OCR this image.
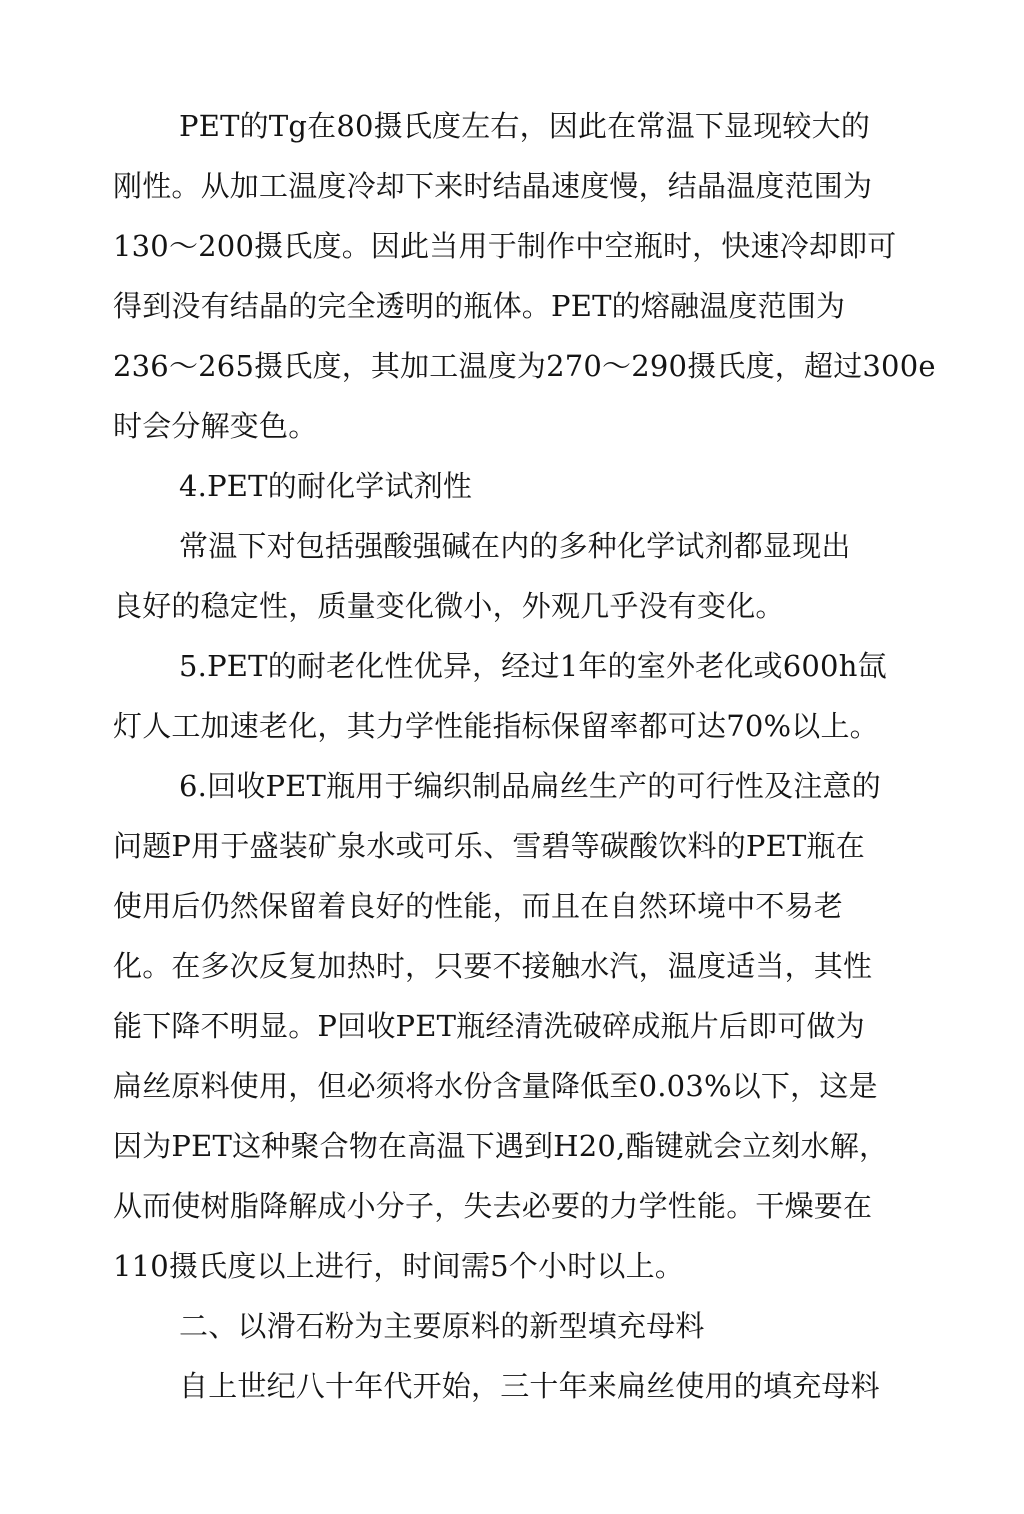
PET的Tg在80摄氏度左右，因此在常温下显现较大的
刚性。从加工温度冷却下来时结晶速度慢，结晶温度范围为
130～200摄氏度。因此当用于制作中空瓶时，快速冷却即可
得到没有结晶的完全透明的瓶体。PET的熔融温度范围为
236～265摄氏度，其加工温度为270～290摄氏度，超过300e
时会分解变色。
4.PET的耐化学试剂性
常温下对包括强酸强碱在内的多种化学试剂都显现出
良好的稳定性，质量变化微小，外观几乎没有变化。
5.PET的耐老化性优异，经过1年的室外老化或600h氙
灯人工加速老化，其力学性能指标保留率都可达70%以上。
6.回收PET瓶用于编织制品扁丝生产的可行性及注意的
问题P用于盛装矿泉水或可乐、雪碧等碳酸饮料的PET瓶在
使用后仍然保留着良好的性能，而且在自然环境中不易老
化。在多次反复加热时，只要不接触水汽，温度适当，其性
能下降不明显。P回收PET瓶经清洗破碎成瓶片后即可做为
扁丝原料使用，但必须将水份含量降低至0.03%以下，这是
因为PET这种聚合物在高温下遇到H20,酯键就会立刻水解，
从而使树脂降解成小分子，失去必要的力学性能。干燥要在
110摄氏度以上进行，时间需5个小时以上。
二、以滑石粉为主要原料的新型填充母料
自上世纪八十年代开始，三十年来扁丝使用的填充母料
